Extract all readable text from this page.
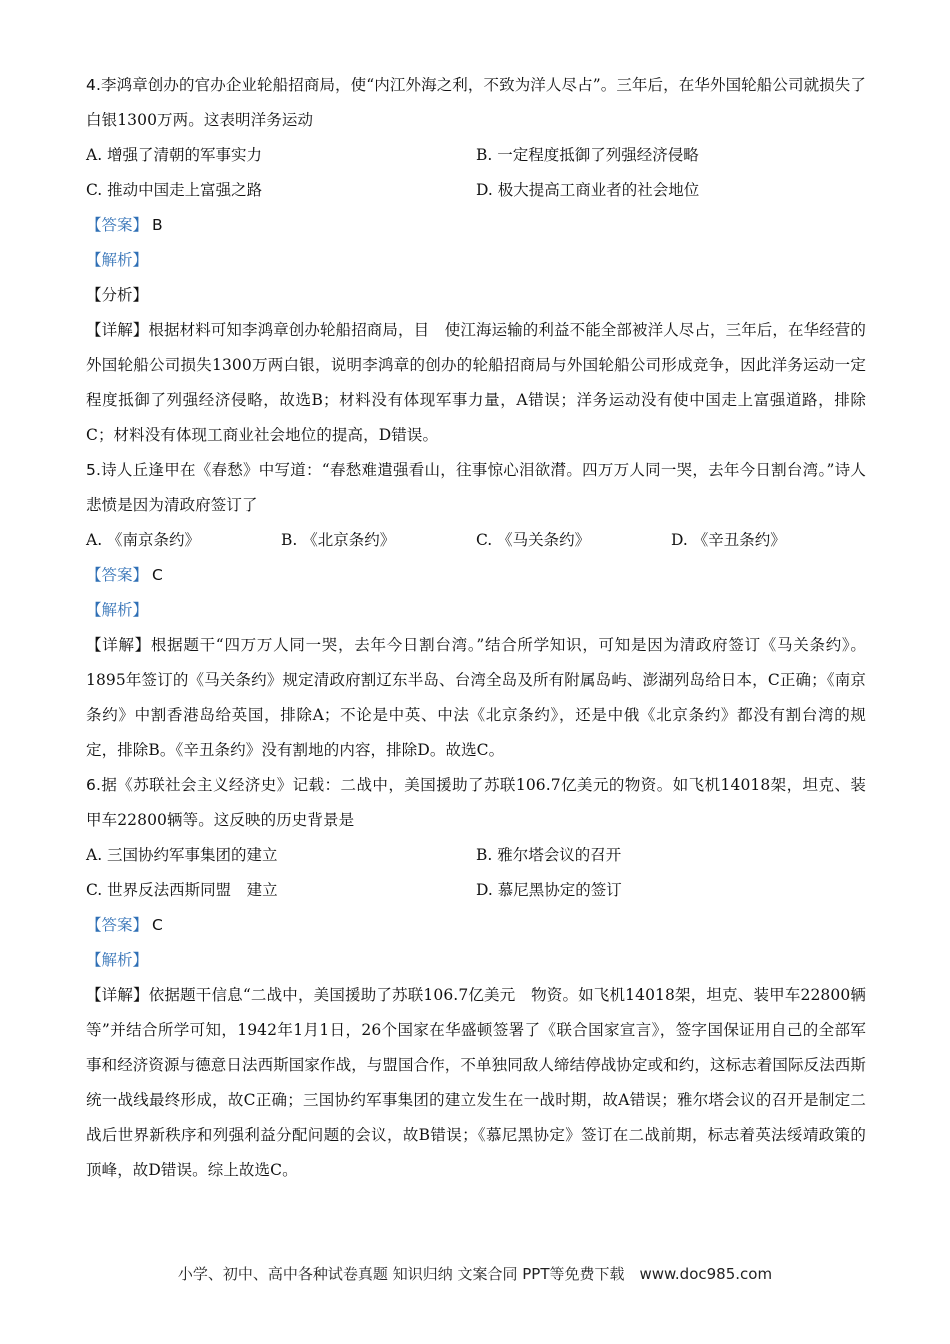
4.李鸿章创办的官办企业轮船招商局，使“内江外海之利，不致为洋人尽占”。三年后，在华外国轮船公司就损失了白银1300万两。这表明洋务运动

A. 增强了清朝的军事实力	B. 一定程度抵御了列强经济侵略
C. 推动中国走上富强之路	D. 极大提高工商业者的社会地位

【答案】 B

【解析】

【分析】

【详解】根据材料可知李鸿章创办轮船招商局，目　使江海运输的利益不能全部被洋人尽占，三年后，在华经营的外国轮船公司损失1300万两白银，说明李鸿章的创办的轮船招商局与外国轮船公司形成竞争，因此洋务运动一定程度抵御了列强经济侵略，故选B；材料没有体现军事力量，A错误；洋务运动没有使中国走上富强道路，排除C；材料没有体现工商业社会地位的提高，D错误。

5.诗人丘逢甲在《春愁》中写道：“春愁难遣强看山，往事惊心泪欲潸。四万万人同一哭，去年今日割台湾。”诗人悲愤是因为清政府签订了

A. 《南京条约》	B. 《北京条约》	C. 《马关条约》	D. 《辛丑条约》

【答案】 C

【解析】

【详解】根据题干“四万万人同一哭，去年今日割台湾。”结合所学知识，可知是因为清政府签订《马关条约》。1895年签订的《马关条约》规定清政府割辽东半岛、台湾全岛及所有附属岛屿、澎湖列岛给日本，C正确；《南京条约》中割香港岛给英国，排除A；不论是中英、中法《北京条约》，还是中俄《北京条约》都没有割台湾的规定，排除B。《辛丑条约》没有割地的内容，排除D。故选C。

6.据《苏联社会主义经济史》记载：二战中，美国援助了苏联106.7亿美元的物资。如飞机14018架，坦克、装甲车22800辆等。这反映的历史背景是

A. 三国协约军事集团的建立	B. 雅尔塔会议的召开
C. 世界反法西斯同盟　建立	D. 慕尼黑协定的签订

【答案】 C

【解析】

【详解】依据题干信息“二战中，美国援助了苏联106.7亿美元　物资。如飞机14018架，坦克、装甲车22800辆等”并结合所学可知，1942年1月1日，26个国家在华盛顿签署了《联合国家宣言》，签字国保证用自己的全部军事和经济资源与德意日法西斯国家作战，与盟国合作，不单独同敌人缔结停战协定或和约，这标志着国际反法西斯统一战线最终形成，故C正确；三国协约军事集团的建立发生在一战时期，故A错误；雅尔塔会议的召开是制定二战后世界新秩序和列强利益分配问题的会议，故B错误；《慕尼黑协定》签订在二战前期，标志着英法绥靖政策的顶峰，故D错误。综上故选C。

小学、初中、高中各种试卷真题 知识归纳 文案合同 PPT等免费下载　www.doc985.com
